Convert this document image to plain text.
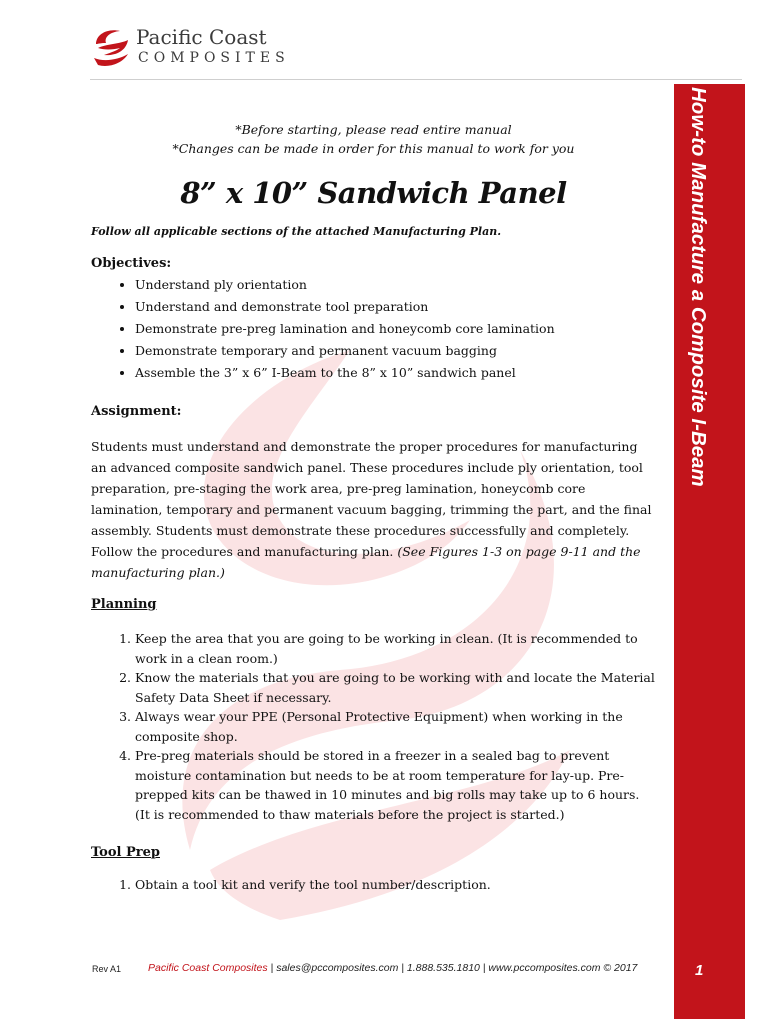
Pacific Coast
COMPOSITES
How-to Manufacture a Composite I-Beam
1
*Before starting, please read entire manual
*Changes can be made in order for this manual to work for you
8” x 10” Sandwich Panel
Follow all applicable sections of the attached Manufacturing Plan.
Objectives:
• Understand ply orientation
• Understand and demonstrate tool preparation
• Demonstrate pre-preg lamination and honeycomb core lamination
• Demonstrate temporary and permanent vacuum bagging
• Assemble the 3” x 6” I-Beam to the 8” x 10” sandwich panel
Assignment:
Students must understand and demonstrate the proper procedures for manufacturing an advanced composite sandwich panel. These procedures include ply orientation, tool preparation, pre-staging the work area, pre-preg lamination, honeycomb core lamination, temporary and permanent vacuum bagging, trimming the part, and the final assembly. Students must demonstrate these procedures successfully and completely. Follow the procedures and manufacturing plan. (See Figures 1-3 on page 9-11 and the manufacturing plan.)
Planning
1. Keep the area that you are going to be working in clean. (It is recommended to work in a clean room.)
2. Know the materials that you are going to be working with and locate the Material Safety Data Sheet if necessary.
3. Always wear your PPE (Personal Protective Equipment) when working in the composite shop.
4. Pre-preg materials should be stored in a freezer in a sealed bag to prevent moisture contamination but needs to be at room temperature for lay-up. Pre-prepped kits can be thawed in 10 minutes and big rolls may take up to 6 hours. (It is recommended to thaw materials before the project is started.)
Tool Prep
1. Obtain a tool kit and verify the tool number/description.
Rev A1	Pacific Coast Composites | sales@pccomposites.com | 1.888.535.1810 | www.pccomposites.com © 2017
